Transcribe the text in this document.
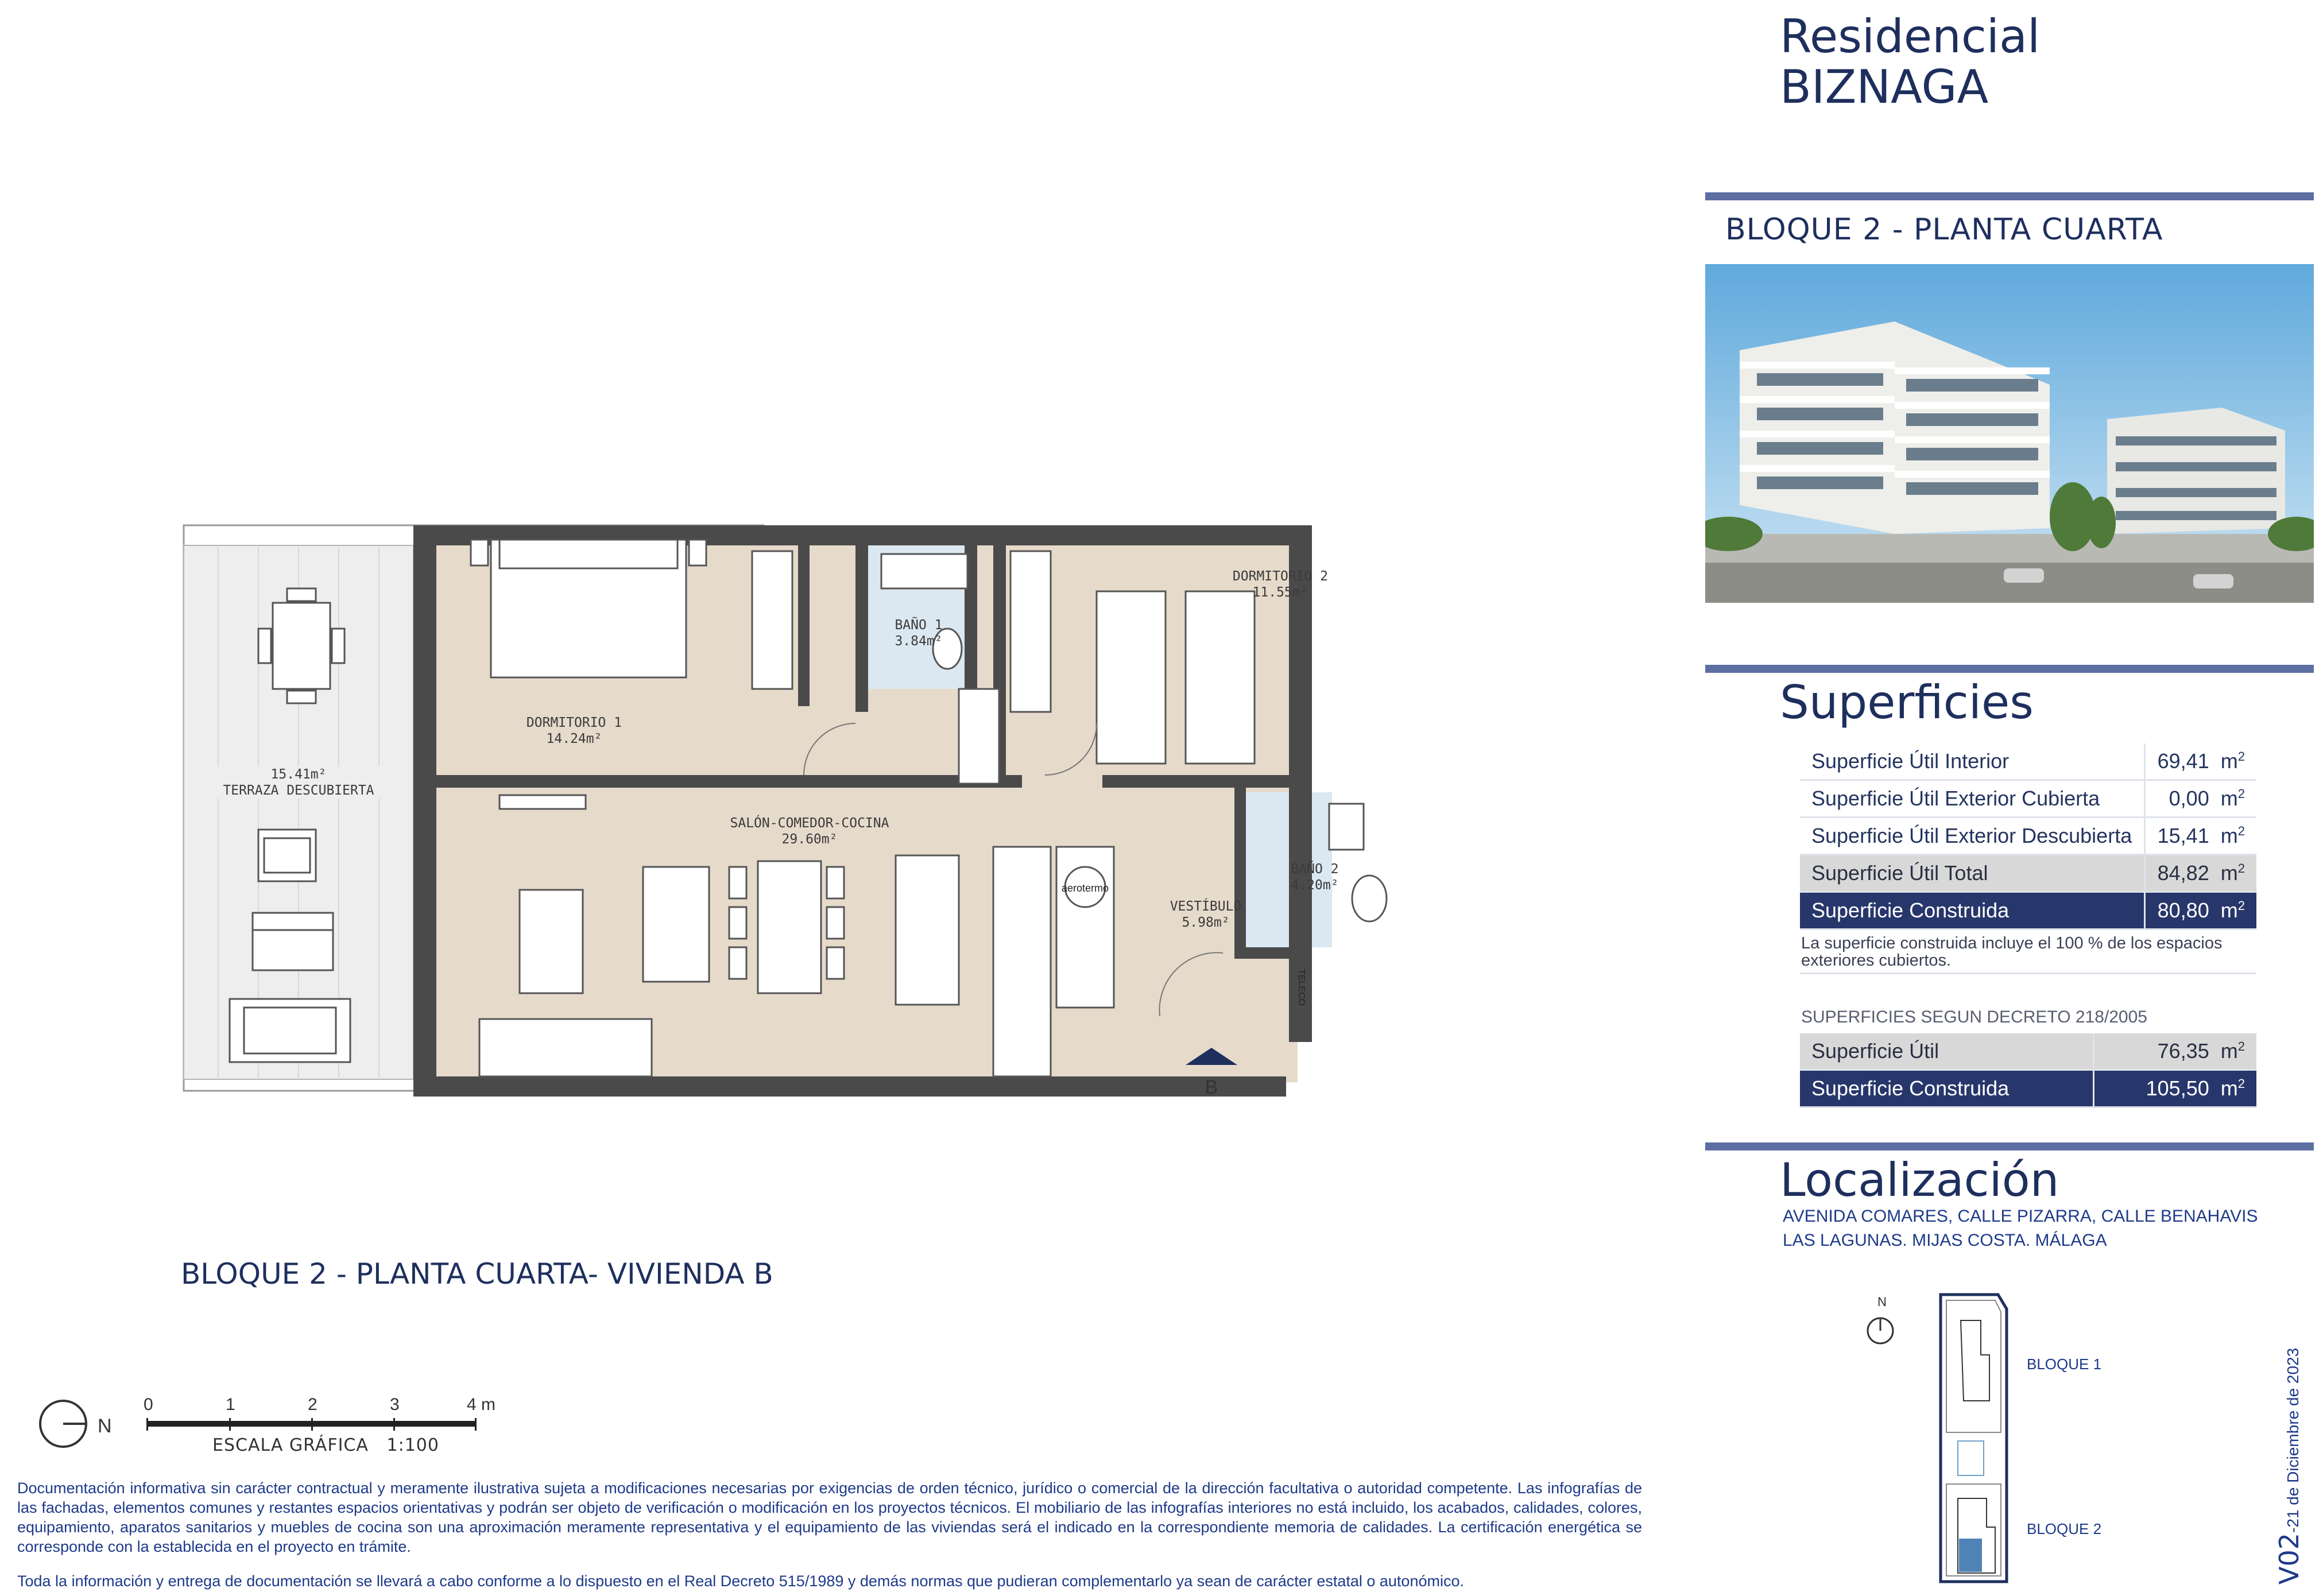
Residencial
BIZNAGA
BLOQUE 2 - PLANTA CUARTA
Superficies
Superficie Útil Interior	69,41 $m^2$
Superficie Útil Exterior Cubierta	0,00 $m^2$
Superficie Útil Exterior Descubierta	15,41 $m^2$
Superficie Útil Total	84,82 $m^2$
Superficie Construida	80,80 $m^2$
La superficie construida incluye el 100 % de los espacios exteriores cubiertos.
SUPERFICIES SEGUN DECRETO 218/2005
Superficie Útil	76,35 $m^2$
Superficie Construida	105,50 $m^2$
Localización
AVENIDA COMARES, CALLE PIZARRA, CALLE BENAHAVIS
LAS LAGUNAS. MIJAS COSTA. MÁLAGA
N
BLOQUE 1
BLOQUE 2
V02-21 de Diciembre de 2023
B
aerotermo
TELECO
DORMITORIO 1
14.24m²
BAÑO 1
3.84m²
DORMITORIO 2
11.55m²
15.41m²
TERRAZA DESCUBIERTA
SALÓN-COMEDOR-COCINA
29.60m²
VESTÍBULO
5.98m²
BAÑO 2
4.20m²
BLOQUE 2 - PLANTA CUARTA- VIVIENDA B
N
0	1	2	3	4 m
ESCALA GRÁFICA 1:100
Documentación informativa sin carácter contractual y meramente ilustrativa sujeta a modificaciones necesarias por exigencias de orden técnico, jurídico o comercial de la dirección facultativa o autoridad competente. Las infografías de las fachadas, elementos comunes y restantes espacios orientativas y podrán ser objeto de verificación o modificación en los proyectos técnicos. El mobiliario de las infografías interiores no está incluido, los acabados, calidades, colores, equipamiento, aparatos sanitarios y muebles de cocina son una aproximación meramente representativa y el equipamiento de las viviendas será el indicado en la correspondiente memoria de calidades. La certificación energética se corresponde con la establecida en el proyecto en trámite.
Toda la información y entrega de documentación se llevará a cabo conforme a lo dispuesto en el Real Decreto 515/1989 y demás normas que pudieran complementarlo ya sean de carácter estatal o autonómico.
